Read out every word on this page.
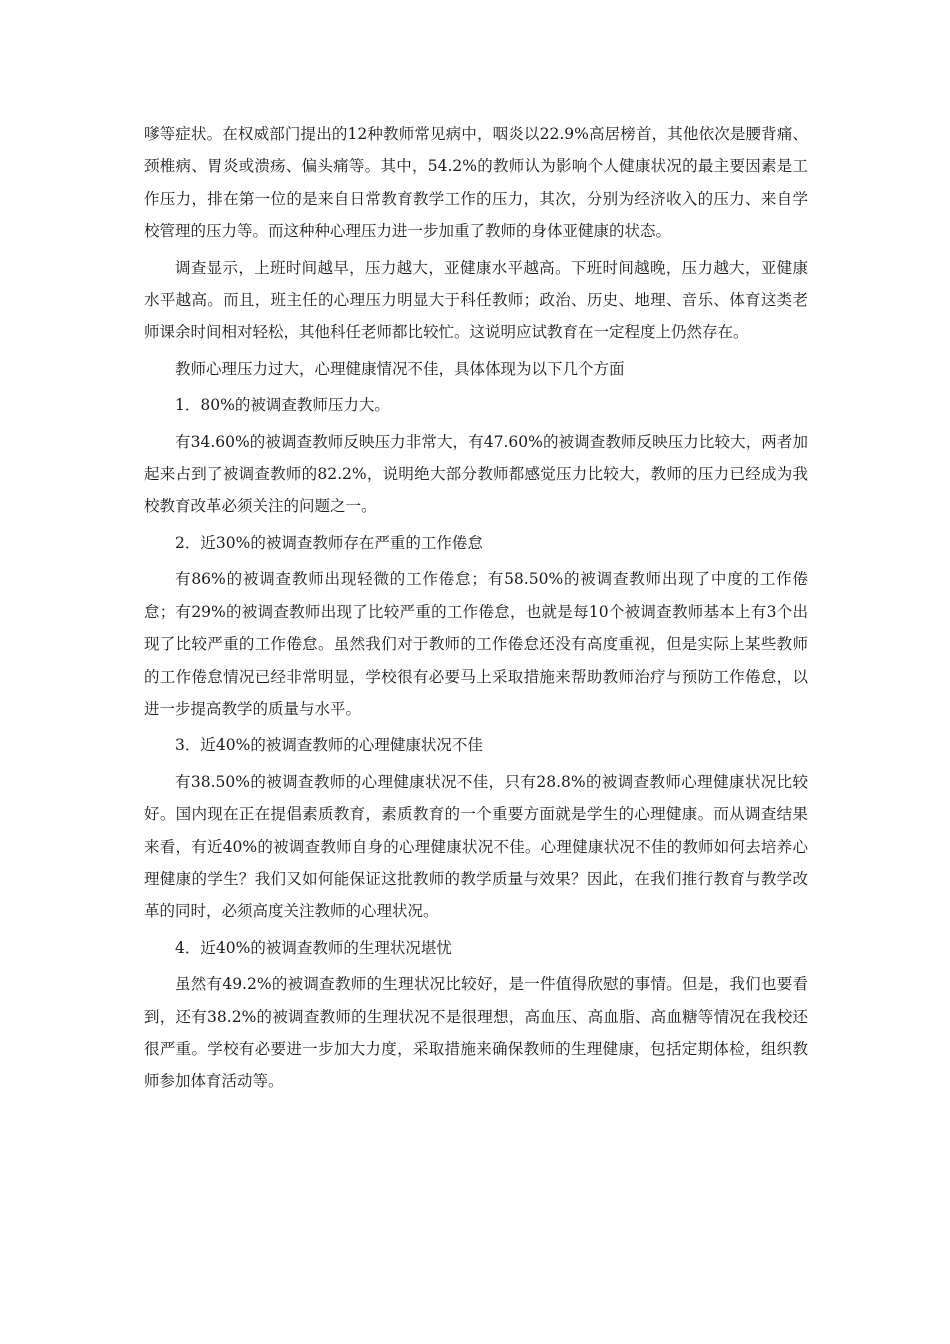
嗲等症状。在权威部门提出的12种教师常见病中，咽炎以22.9%高居榜首，其他依次是腰背痛、颈椎病、胃炎或溃疡、偏头痛等。其中，54.2%的教师认为影响个人健康状况的最主要因素是工作压力，排在第一位的是来自日常教育教学工作的压力，其次，分别为经济收入的压力、来自学校管理的压力等。而这种种心理压力进一步加重了教师的身体亚健康的状态。

调查显示，上班时间越早，压力越大，亚健康水平越高。下班时间越晚，压力越大，亚健康水平越高。而且，班主任的心理压力明显大于科任教师；政治、历史、地理、音乐、体育这类老师课余时间相对轻松，其他科任老师都比较忙。这说明应试教育在一定程度上仍然存在。

教师心理压力过大，心理健康情况不佳，具体体现为以下几个方面

1．80%的被调查教师压力大。

有34.60%的被调查教师反映压力非常大，有47.60%的被调查教师反映压力比较大，两者加起来占到了被调查教师的82.2%，说明绝大部分教师都感觉压力比较大，教师的压力已经成为我校教育改革必须关注的问题之一。

2．近30%的被调查教师存在严重的工作倦怠

有86%的被调查教师出现轻微的工作倦怠；有58.50%的被调查教师出现了中度的工作倦怠；有29%的被调查教师出现了比较严重的工作倦怠，也就是每10个被调查教师基本上有3个出现了比较严重的工作倦怠。虽然我们对于教师的工作倦怠还没有高度重视，但是实际上某些教师的工作倦怠情况已经非常明显，学校很有必要马上采取措施来帮助教师治疗与预防工作倦怠，以进一步提高教学的质量与水平。

3．近40%的被调查教师的心理健康状况不佳

有38.50%的被调查教师的心理健康状况不佳，只有28.8%的被调查教师心理健康状况比较好。国内现在正在提倡素质教育，素质教育的一个重要方面就是学生的心理健康。而从调查结果来看，有近40%的被调查教师自身的心理健康状况不佳。心理健康状况不佳的教师如何去培养心理健康的学生？我们又如何能保证这批教师的教学质量与效果？因此，在我们推行教育与教学改革的同时，必须高度关注教师的心理状况。

4．近40%的被调查教师的生理状况堪忧

虽然有49.2%的被调查教师的生理状况比较好，是一件值得欣慰的事情。但是，我们也要看到，还有38.2%的被调查教师的生理状况不是很理想，高血压、高血脂、高血糖等情况在我校还很严重。学校有必要进一步加大力度，采取措施来确保教师的生理健康，包括定期体检，组织教师参加体育活动等。
